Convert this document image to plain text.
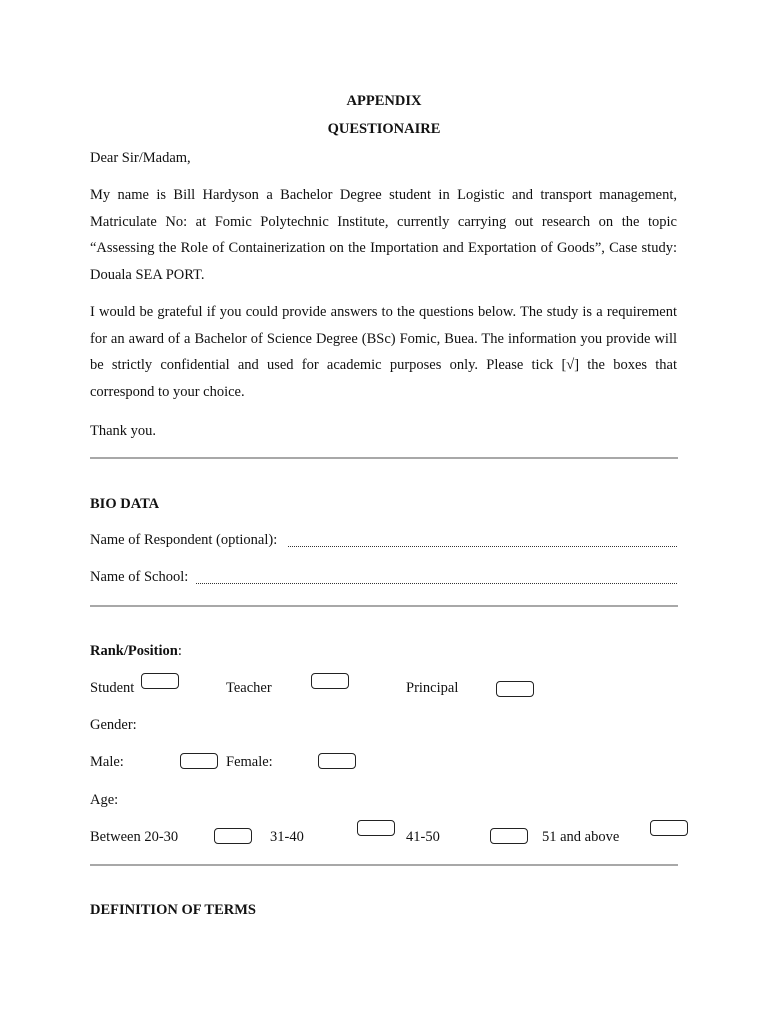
APPENDIX
QUESTIONAIRE
Dear Sir/Madam,
My name is Bill Hardyson a Bachelor Degree student in Logistic and transport management, Matriculate No: at Fomic Polytechnic Institute, currently carrying out research on the topic “Assessing the Role of Containerization on the Importation and Exportation of Goods”, Case study: Douala SEA PORT.
I would be grateful if you could provide answers to the questions below. The study is a requirement for an award of a Bachelor of Science Degree (BSc) Fomic, Buea. The information you provide will be strictly confidential and used for academic purposes only. Please tick [√] the boxes that correspond to your choice.
Thank you.
BIO DATA
Name of Respondent (optional):
Name of School:
Rank/Position:
Student	Teacher	Principal
Gender:
Male:	Female:
Age:
Between 20-30	31-40	41-50	51 and above
DEFINITION OF TERMS
